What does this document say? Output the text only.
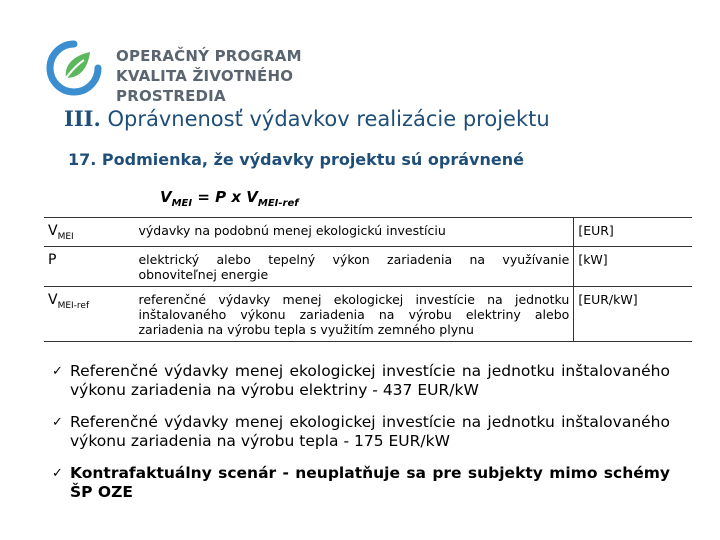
OPERAČNÝ PROGRAM
KVALITA ŽIVOTNÉHO PROSTREDIA
III. Oprávnenosť výdavkov realizácie projektu
17. Podmienka, že výdavky projektu sú oprávnené
$V_{MEI} = P$ x $V_{MEI-ref}$
$V_{MEI}$	výdavky na podobnú menej ekologickú investíciu	[EUR]
P	elektrický alebo tepelný výkon zariadenia na využívanie obnoviteľnej energie	[kW]
$V_{MEI-ref}$	referenčné výdavky menej ekologickej investície na jednotku inštalovaného výkonu zariadenia na výrobu elektriny alebo zariadenia na výrobu tepla s využitím zemného plynu	[EUR/kW]
✓ Referenčné výdavky menej ekologickej investície na jednotku inštalovaného výkonu zariadenia na výrobu elektriny - 437 EUR/kW
✓ Referenčné výdavky menej ekologickej investície na jednotku inštalovaného výkonu zariadenia na výrobu tepla - 175 EUR/kW
✓ Kontrafaktuálny scenár - neuplatňuje sa pre subjekty mimo schémy ŠP OZE
